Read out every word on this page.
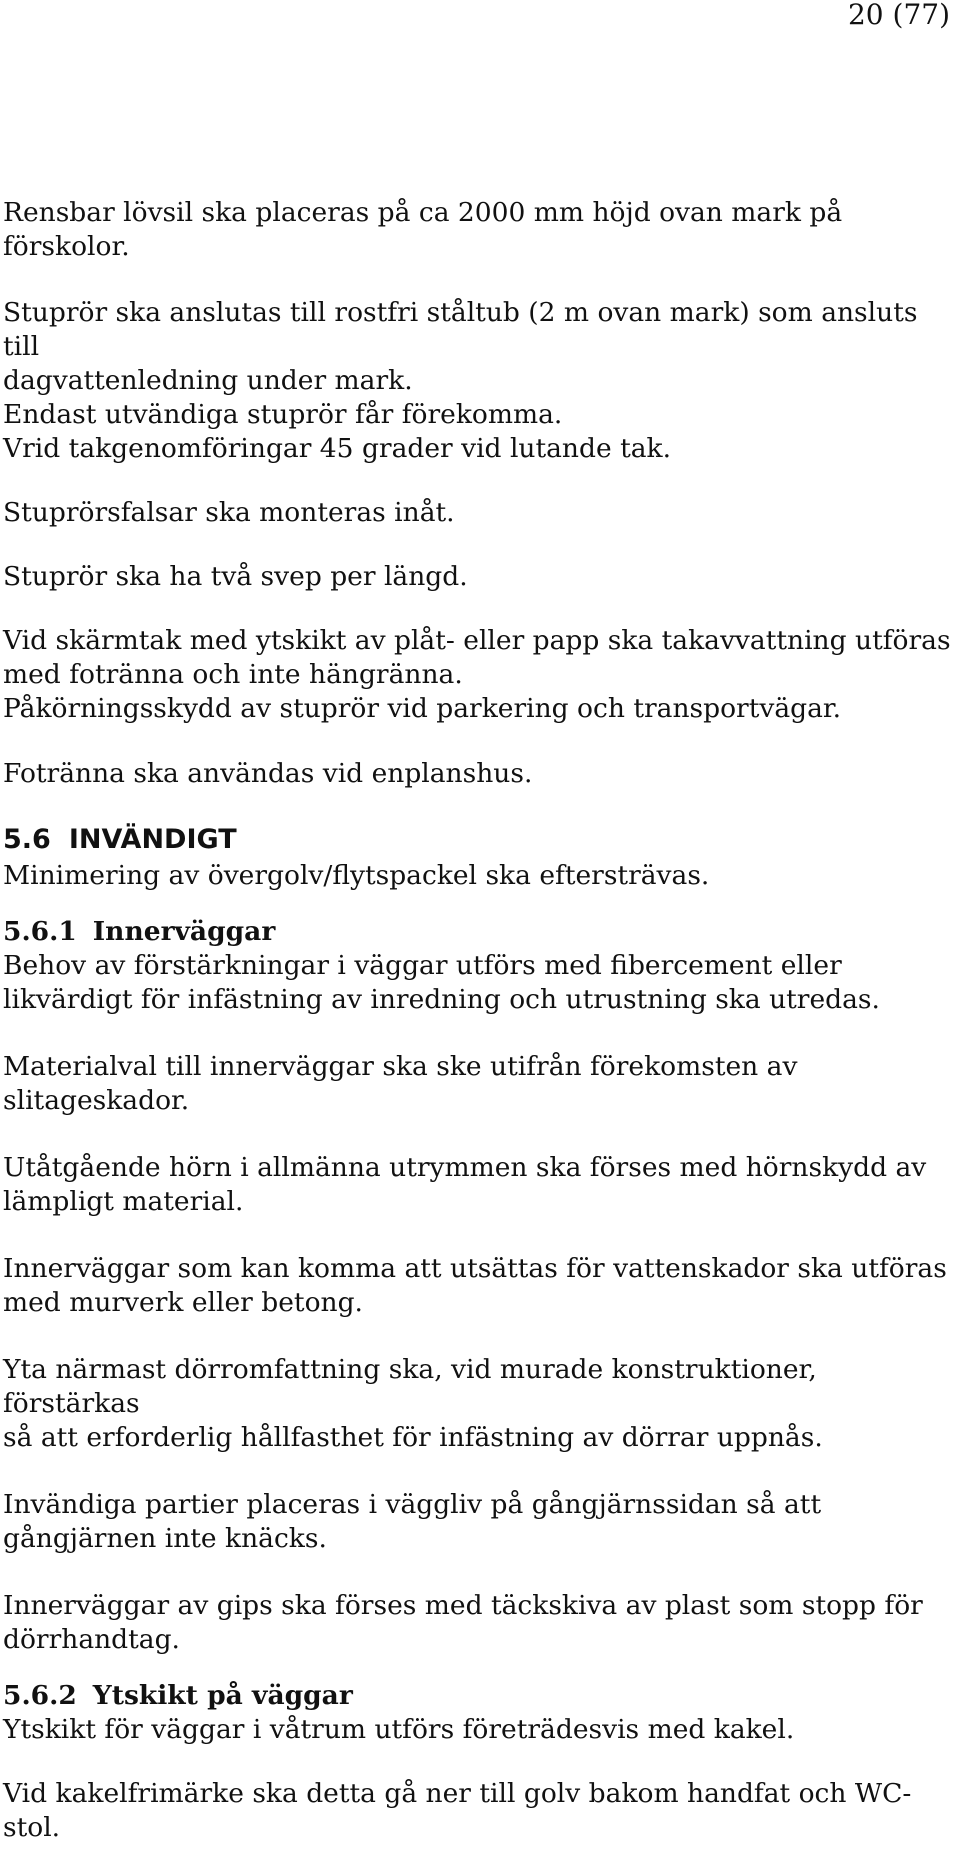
20 (77)

Rensbar lövsil ska placeras på ca 2000 mm höjd ovan mark på
förskolor.

Stuprör ska anslutas till rostfri ståltub (2 m ovan mark) som ansluts till
dagvattenledning under mark.

Endast utvändiga stuprör får förekomma.

Vrid takgenomföringar 45 grader vid lutande tak.

Stuprörsfalsar ska monteras inåt.

Stuprör ska ha två svep per längd.

Vid skärmtak med ytskikt av plåt- eller papp ska takavvattning utföras
med fotränna och inte hängränna.

Påkörningsskydd av stuprör vid parkering och transportvägar.

Fotränna ska användas vid enplanshus.

5.6 INVÄNDIGT

Minimering av övergolv/flytspackel ska eftersträvas.

5.6.1 Innerväggar

Behov av förstärkningar i väggar utförs med fibercement eller
likvärdigt för infästning av inredning och utrustning ska utredas.

Materialval till innerväggar ska ske utifrån förekomsten av
slitageskador.

Utåtgående hörn i allmänna utrymmen ska förses med hörnskydd av
lämpligt material.

Innerväggar som kan komma att utsättas för vattenskador ska utföras
med murverk eller betong.

Yta närmast dörromfattning ska, vid murade konstruktioner, förstärkas
så att erforderlig hållfasthet för infästning av dörrar uppnås.

Invändiga partier placeras i väggliv på gångjärnssidan så att
gångjärnen inte knäcks.

Innerväggar av gips ska förses med täckskiva av plast som stopp för
dörrhandtag.

5.6.2 Ytskikt på väggar

Ytskikt för väggar i våtrum utförs företrädesvis med kakel.

Vid kakelfrimärke ska detta gå ner till golv bakom handfat och WC-
stol.
